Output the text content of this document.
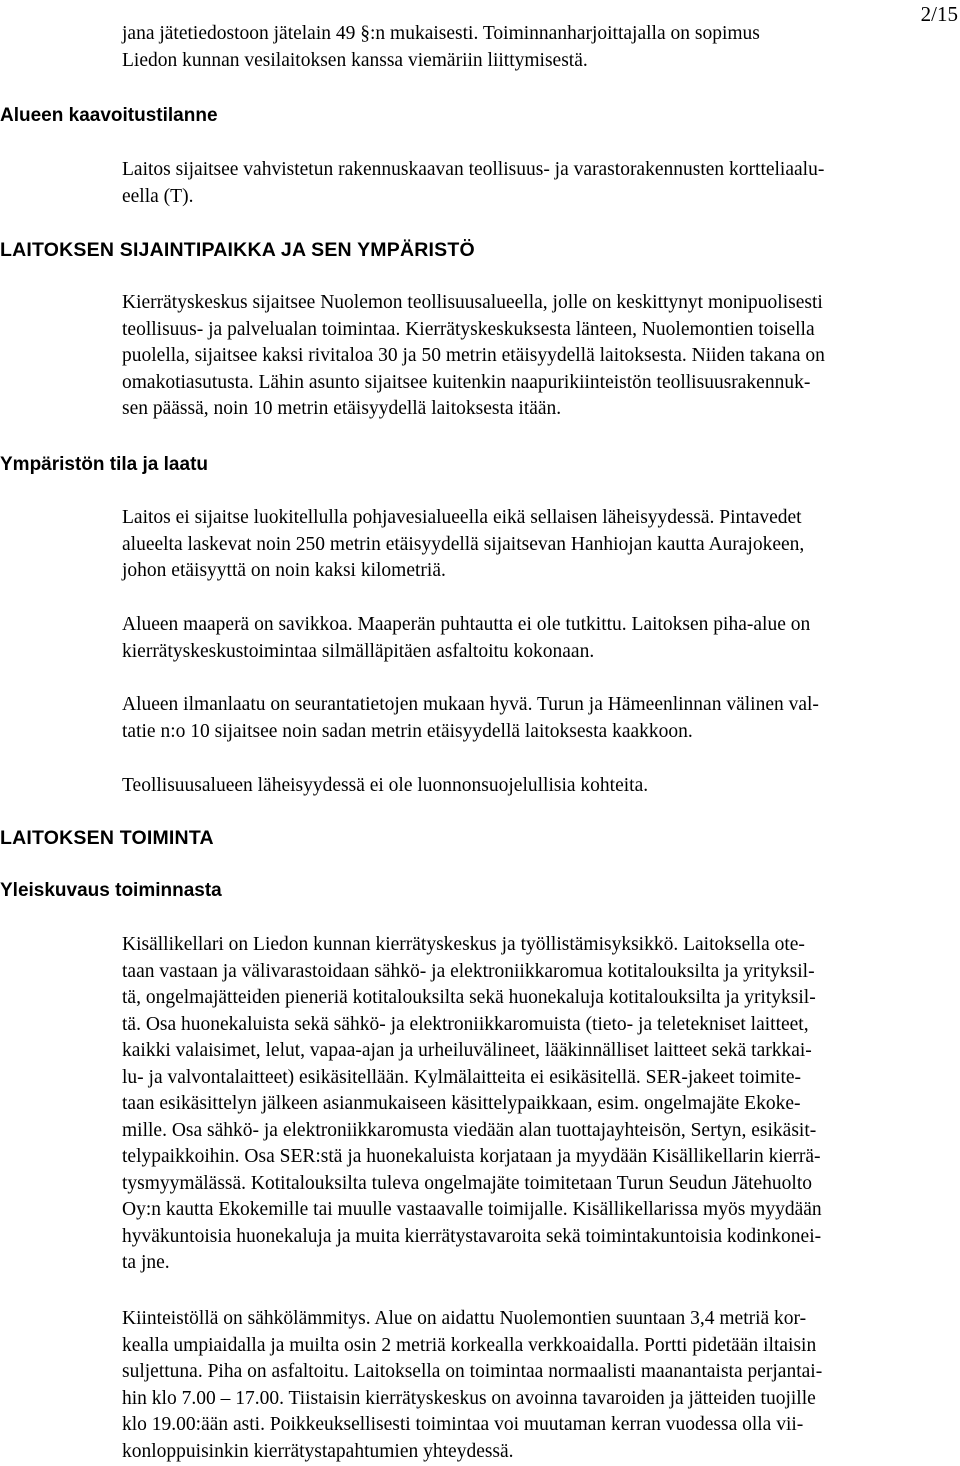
2/15

jana jätetiedostoon jätelain 49 §:n mukaisesti. Toiminnanharjoittajalla on sopimus
Liedon kunnan vesilaitoksen kanssa viemäriin liittymisestä.

Alueen kaavoitustilanne

Laitos sijaitsee vahvistetun rakennuskaavan teollisuus- ja varastorakennusten kortteliaalu-
eella (T).

LAITOKSEN SIJAINTIPAIKKA JA SEN YMPÄRISTÖ

Kierrätyskeskus sijaitsee Nuolemon teollisuusalueella, jolle on keskittynyt monipuolisesti
teollisuus- ja palvelualan toimintaa. Kierrätyskeskuksesta länteen, Nuolemontien toisella
puolella, sijaitsee kaksi rivitaloa 30 ja 50 metrin etäisyydellä laitoksesta. Niiden takana on
omakotiasutusta. Lähin asunto sijaitsee kuitenkin naapurikiinteistön teollisuusrakennuk-
sen päässä, noin 10 metrin etäisyydellä laitoksesta itään.

Ympäristön tila ja laatu

Laitos ei sijaitse luokitellulla pohjavesialueella eikä sellaisen läheisyydessä. Pintavedet
alueelta laskevat noin 250 metrin etäisyydellä sijaitsevan Hanhiojan kautta Aurajokeen,
johon etäisyyttä on noin kaksi kilometriä.

Alueen maaperä on savikkoa. Maaperän puhtautta ei ole tutkittu. Laitoksen piha-alue on
kierrätyskeskustoimintaa silmälläpitäen asfaltoitu kokonaan.

Alueen ilmanlaatu on seurantatietojen mukaan hyvä. Turun ja Hämeenlinnan välinen val-
tatie n:o 10 sijaitsee noin sadan metrin etäisyydellä laitoksesta kaakkoon.

Teollisuusalueen läheisyydessä ei ole luonnonsuojelullisia kohteita.

LAITOKSEN TOIMINTA
Yleiskuvaus toiminnasta

Kisällikellari on Liedon kunnan kierrätyskeskus ja työllistämisyksikkö. Laitoksella ote-
taan vastaan ja välivarastoidaan sähkö- ja elektroniikkaromua kotitalouksilta ja yrityksil-
tä, ongelmajätteiden pieneriä kotitalouksilta sekä huonekaluja kotitalouksilta ja yrityksil-
tä. Osa huonekaluista sekä sähkö- ja elektroniikkaromuista (tieto- ja teletekniset laitteet,
kaikki valaisimet, lelut, vapaa-ajan ja urheiluvälineet, lääkinnälliset laitteet sekä tarkkai-
lu- ja valvontalaitteet) esikäsitellään. Kylmälaitteita ei esikäsitellä. SER-jakeet toimite-
taan esikäsittelyn jälkeen asianmukaiseen käsittelypaikkaan, esim. ongelmajäte Ekoke-
mille. Osa sähkö- ja elektroniikkaromusta viedään alan tuottajayhteisön, Sertyn, esikäsit-
telypaikkoihin. Osa SER:stä ja huonekaluista korjataan ja myydään Kisällikellarin kierrä-
tysmyymälässä. Kotitalouksilta tuleva ongelmajäte toimitetaan Turun Seudun Jätehuolto
Oy:n kautta Ekokemille tai muulle vastaavalle toimijalle. Kisällikellarissa myös myydään
hyväkuntoisia huonekaluja ja muita kierrätystavaroita sekä toimintakuntoisia kodinkonei-
ta jne.

Kiinteistöllä on sähkölämmitys. Alue on aidattu Nuolemontien suuntaan 3,4 metriä kor-
kealla umpiaidalla ja muilta osin 2 metriä korkealla verkkoaidalla. Portti pidetään iltaisin
suljettuna. Piha on asfaltoitu. Laitoksella on toimintaa normaalisti maanantaista perjantai-
hin klo 7.00 – 17.00. Tiistaisin kierrätyskeskus on avoinna tavaroiden ja jätteiden tuojille
klo 19.00:ään asti. Poikkeuksellisesti toimintaa voi muutaman kerran vuodessa olla vii-
konloppuisinkin kierrätystapahtumien yhteydessä.
